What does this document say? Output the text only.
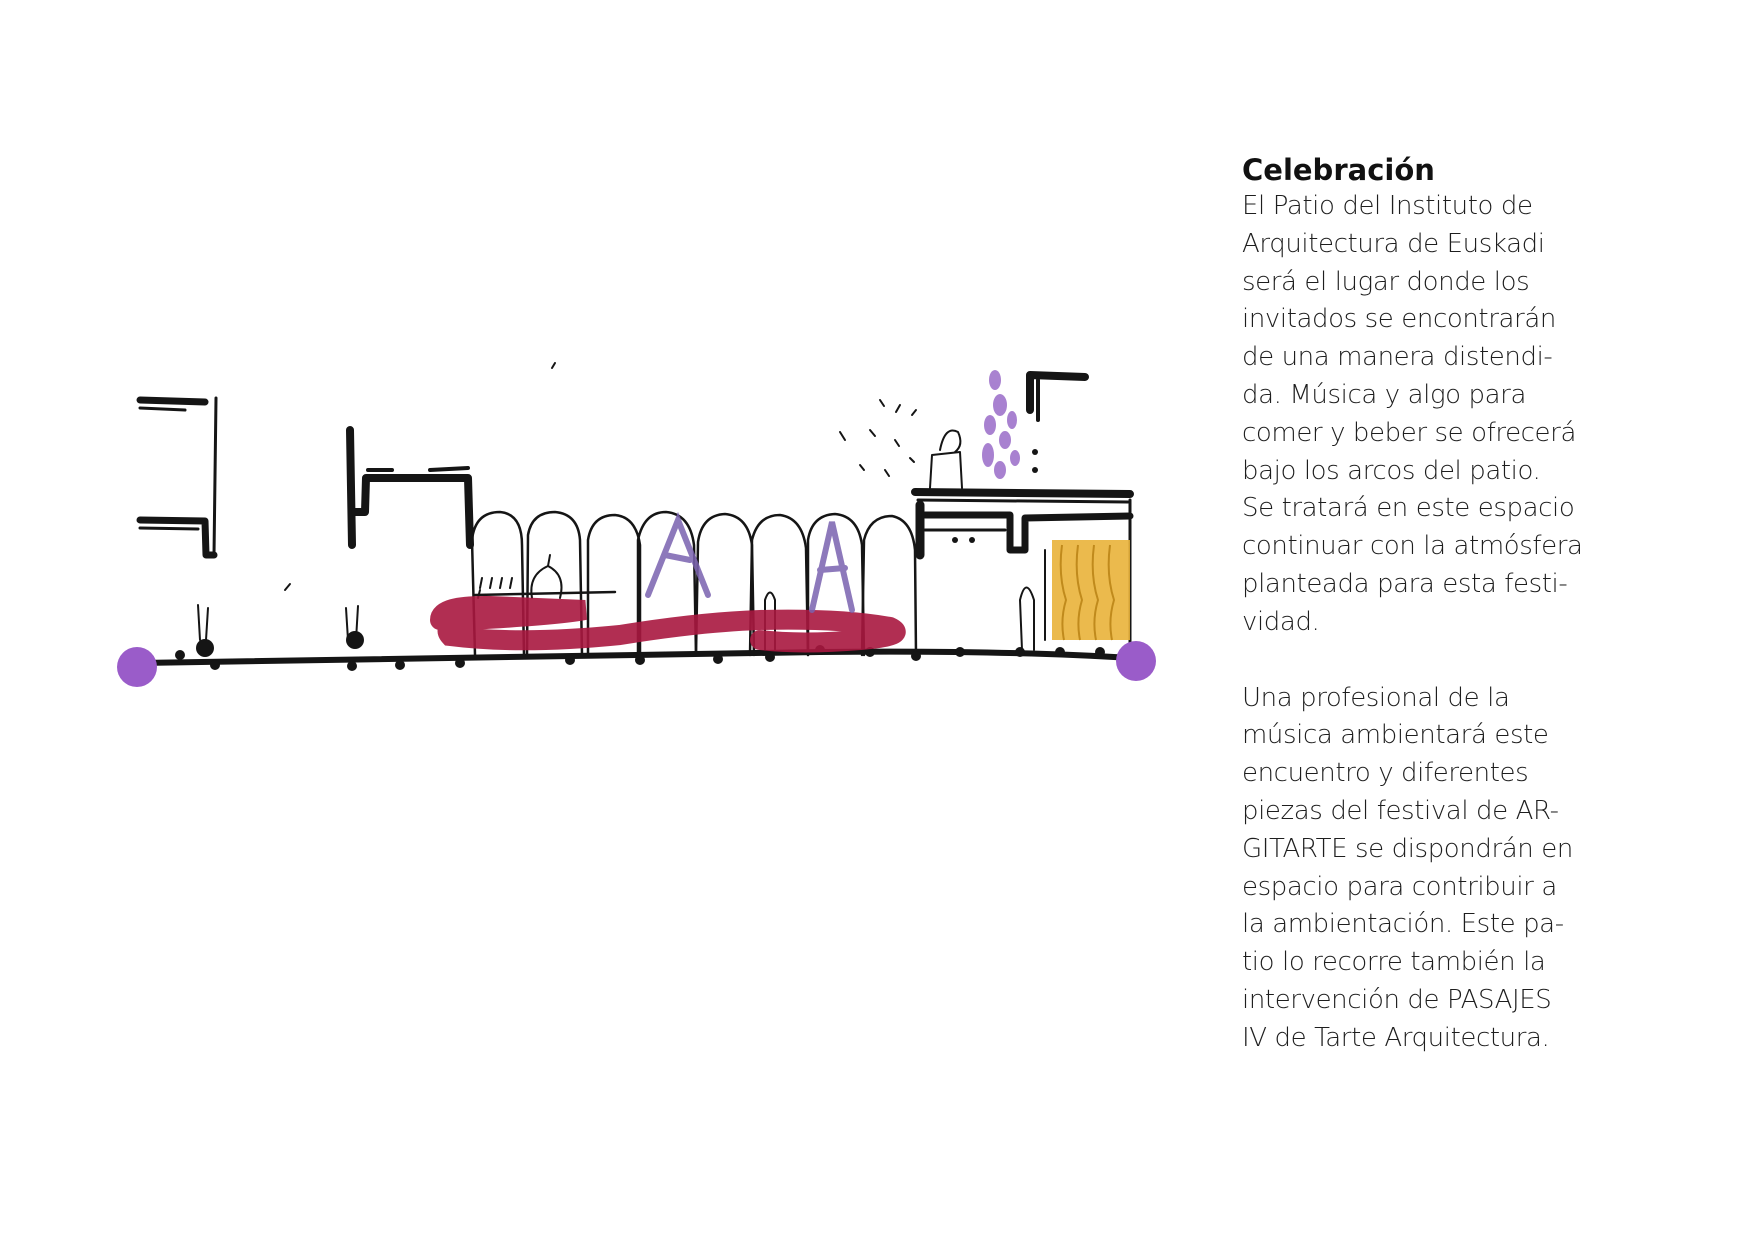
Celebración

El Patio del Instituto de
Arquitectura de Euskadi
será el lugar donde los
invitados se encontrarán
de una manera distendi-
da. Música y algo para
comer y beber se ofrecerá
bajo los arcos del patio.
Se tratará en este espacio
continuar con la atmósfera
planteada para esta festi-
vidad.

Una profesional de la
música ambientará este
encuentro y diferentes
piezas del festival de AR-
GITARTE se dispondrán en
espacio para contribuir a
la ambientación. Este pa-
tio lo recorre también la
intervención de PASAJES
IV de Tarte Arquitectura.
